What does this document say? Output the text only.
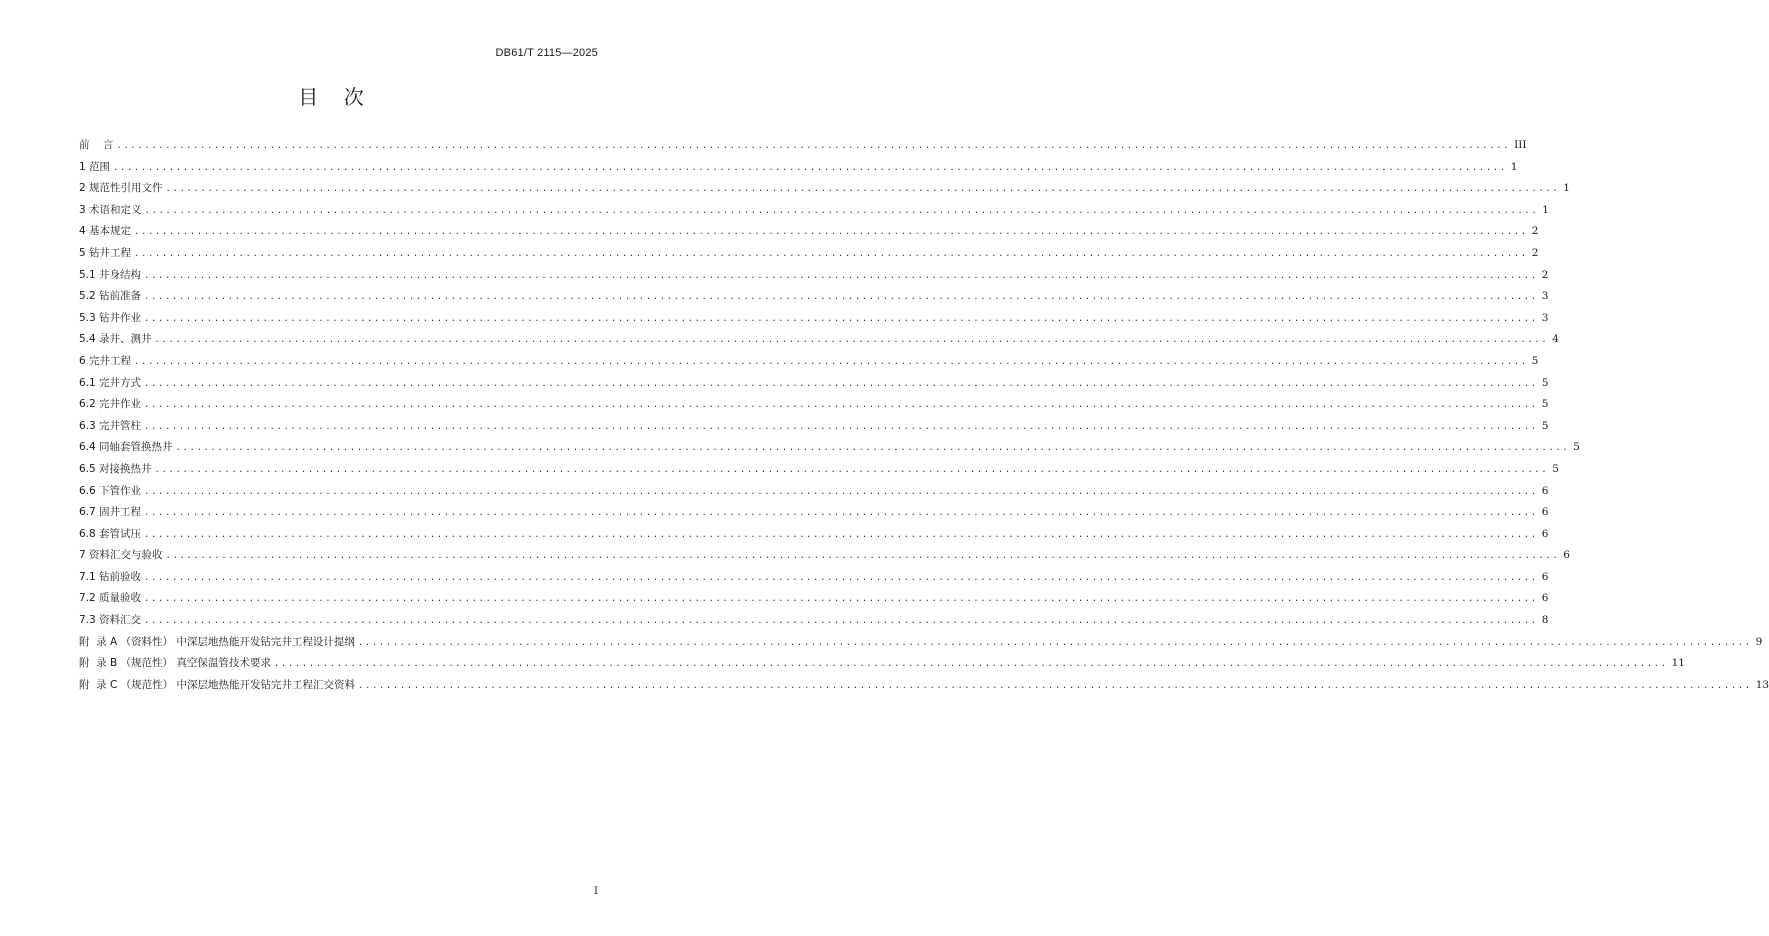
DB61/T 2115—2025
目    次
前    言 ........................................................................................................................................................................................................ III
1 范围 ........................................................................................................................................................................................................ 1
2 规范性引用文件 ........................................................................................................................................................................................................ 1
3 术语和定义 ........................................................................................................................................................................................................ 1
4 基本规定 ........................................................................................................................................................................................................ 2
5 钻井工程 ........................................................................................................................................................................................................ 2
5.1 井身结构 ........................................................................................................................................................................................................ 2
5.2 钻前准备 ........................................................................................................................................................................................................ 3
5.3 钻井作业 ........................................................................................................................................................................................................ 3
5.4 录井、测井 ........................................................................................................................................................................................................ 4
6 完井工程 ........................................................................................................................................................................................................ 5
6.1 完井方式 ........................................................................................................................................................................................................ 5
6.2 完井作业 ........................................................................................................................................................................................................ 5
6.3 完井管柱 ........................................................................................................................................................................................................ 5
6.4 同轴套管换热井 ........................................................................................................................................................................................................ 5
6.5 对接换热井 ........................................................................................................................................................................................................ 5
6.6 下管作业 ........................................................................................................................................................................................................ 6
6.7 固井工程 ........................................................................................................................................................................................................ 6
6.8 套管试压 ........................................................................................................................................................................................................ 6
7 资料汇交与验收 ........................................................................................................................................................................................................ 6
7.1 钻前验收 ........................................................................................................................................................................................................ 6
7.2 质量验收 ........................................................................................................................................................................................................ 6
7.3 资料汇交 ........................................................................................................................................................................................................ 8
附  录 A （资料性） 中深层地热能开发钻完井工程设计提纲 ........................................................................................................................................................................................................ 9
附  录 B （规范性） 真空保温管技术要求 ........................................................................................................................................................................................................ 11
附  录 C （规范性） 中深层地热能开发钻完井工程汇交资料 ........................................................................................................................................................................................................ 13
I
